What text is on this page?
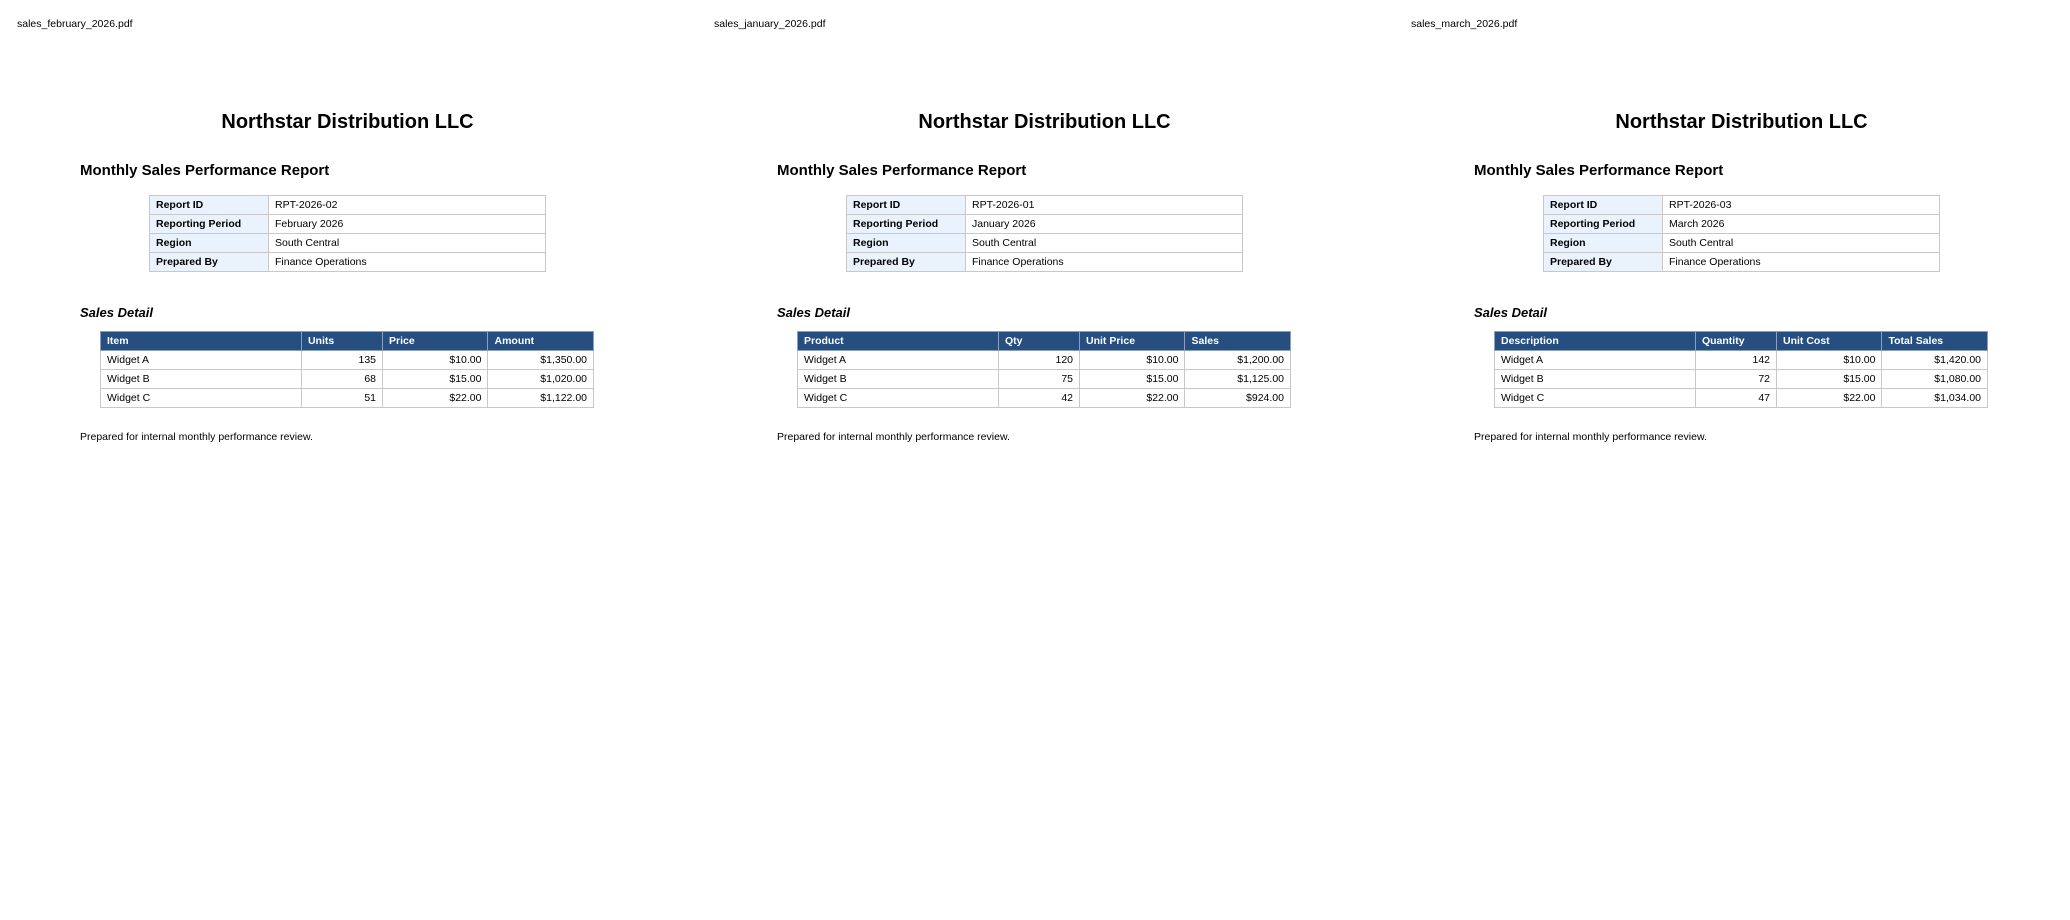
sales_february_2026.pdf
Northstar Distribution LLC
Monthly Sales Performance Report
Report ID	RPT-2026-02
Reporting Period	February 2026
Region	South Central
Prepared By	Finance Operations
Sales Detail
Item	Units	Price	Amount
Widget A	135	$10.00	$1,350.00
Widget B	68	$15.00	$1,020.00
Widget C	51	$22.00	$1,122.00
Prepared for internal monthly performance review.
sales_january_2026.pdf
Northstar Distribution LLC
Monthly Sales Performance Report
Report ID	RPT-2026-01
Reporting Period	January 2026
Region	South Central
Prepared By	Finance Operations
Sales Detail
Product	Qty	Unit Price	Sales
Widget A	120	$10.00	$1,200.00
Widget B	75	$15.00	$1,125.00
Widget C	42	$22.00	$924.00
Prepared for internal monthly performance review.
sales_march_2026.pdf
Northstar Distribution LLC
Monthly Sales Performance Report
Report ID	RPT-2026-03
Reporting Period	March 2026
Region	South Central
Prepared By	Finance Operations
Sales Detail
Description	Quantity	Unit Cost	Total Sales
Widget A	142	$10.00	$1,420.00
Widget B	72	$15.00	$1,080.00
Widget C	47	$22.00	$1,034.00
Prepared for internal monthly performance review.
